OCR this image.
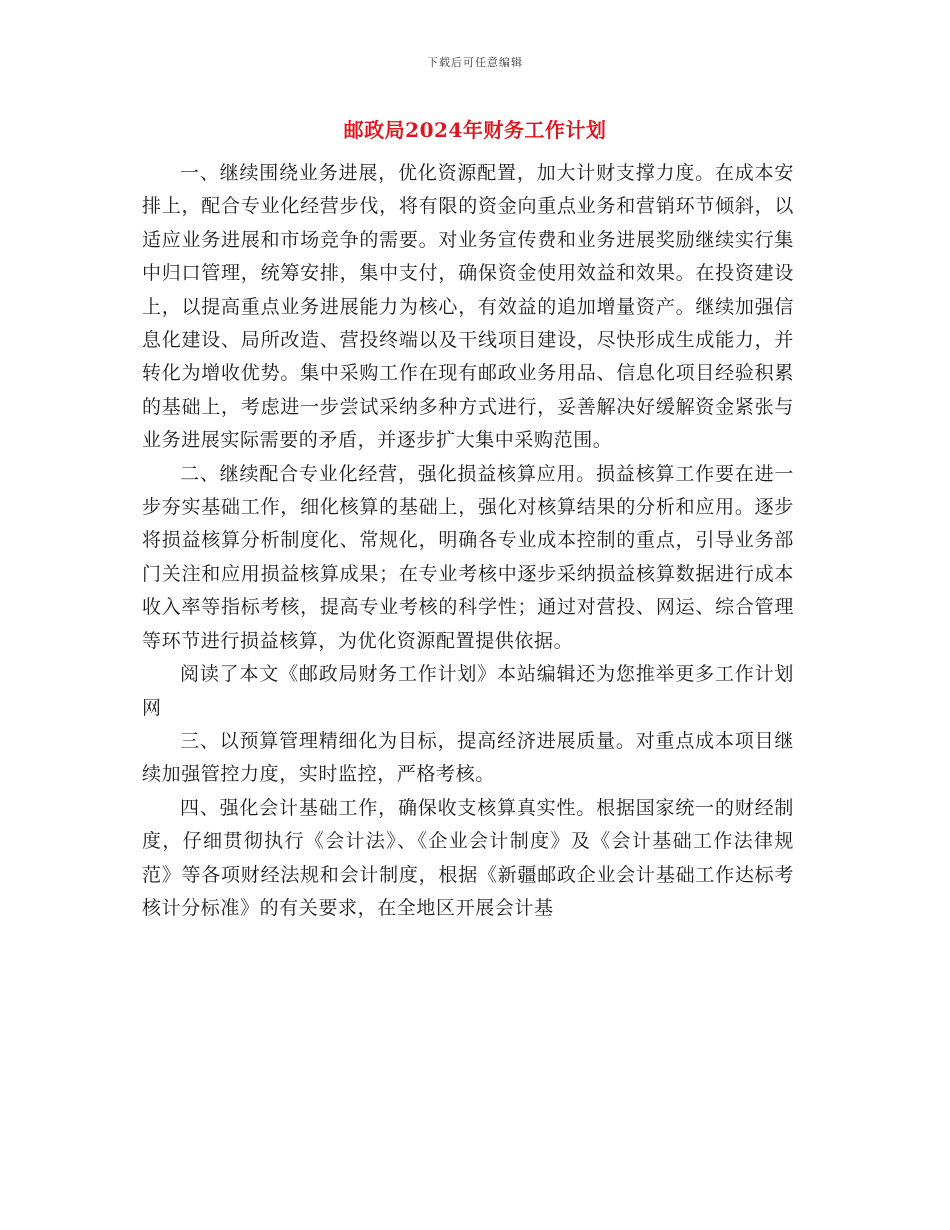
下载后可任意编辑
邮政局2024年财务工作计划

一、继续围绕业务进展，优化资源配置，加大计财支撑力度。在成本安排上，配合专业化经营步伐，将有限的资金向重点业务和营销环节倾斜，以适应业务进展和市场竞争的需要。对业务宣传费和业务进展奖励继续实行集中归口管理，统筹安排，集中支付，确保资金使用效益和效果。在投资建设上，以提高重点业务进展能力为核心，有效益的追加增量资产。继续加强信息化建设、局所改造、营投终端以及干线项目建设，尽快形成生成能力，并转化为增收优势。集中采购工作在现有邮政业务用品、信息化项目经验积累的基础上，考虑进一步尝试采纳多种方式进行，妥善解决好缓解资金紧张与业务进展实际需要的矛盾，并逐步扩大集中采购范围。

二、继续配合专业化经营，强化损益核算应用。损益核算工作要在进一步夯实基础工作，细化核算的基础上，强化对核算结果的分析和应用。逐步将损益核算分析制度化、常规化，明确各专业成本控制的重点，引导业务部门关注和应用损益核算成果；在专业考核中逐步采纳损益核算数据进行成本收入率等指标考核，提高专业考核的科学性；通过对营投、网运、综合管理等环节进行损益核算，为优化资源配置提供依据。

阅读了本文《邮政局财务工作计划》本站编辑还为您推举更多工作计划网

三、以预算管理精细化为目标，提高经济进展质量。对重点成本项目继续加强管控力度，实时监控，严格考核。

四、强化会计基础工作，确保收支核算真实性。根据国家统一的财经制度，仔细贯彻执行《会计法》、《企业会计制度》及《会计基础工作法律规范》等各项财经法规和会计制度，根据《新疆邮政企业会计基础工作达标考核计分标准》的有关要求，在全地区开展会计基
